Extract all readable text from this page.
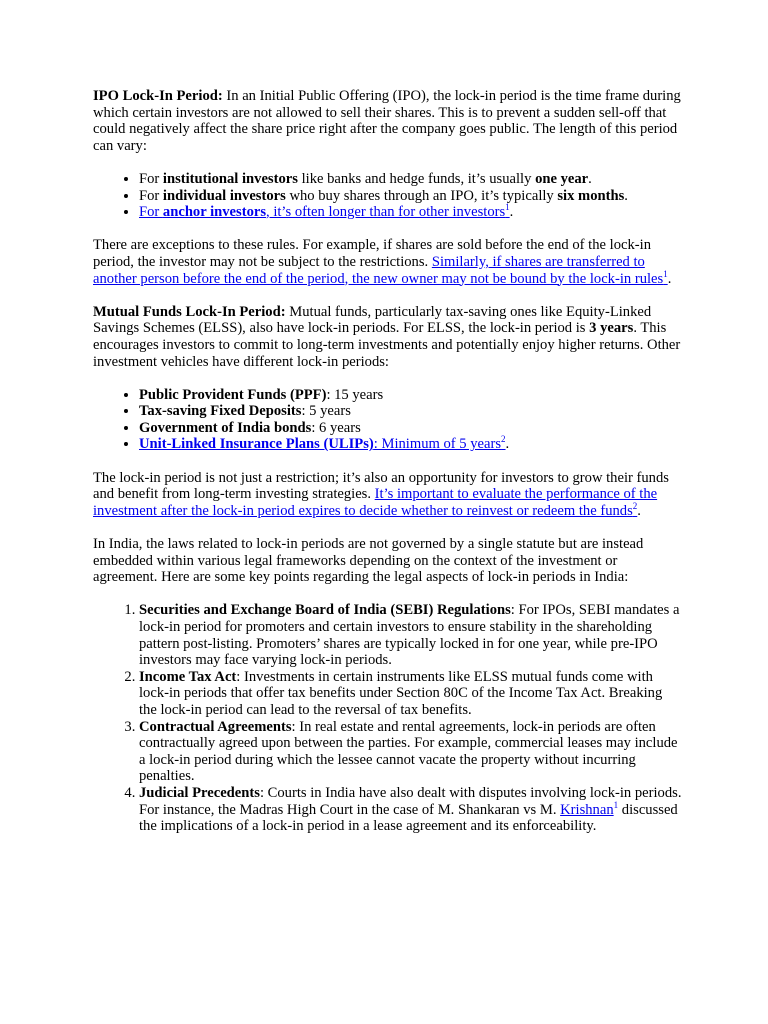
IPO Lock-In Period: In an Initial Public Offering (IPO), the lock-in period is the time frame during which certain investors are not allowed to sell their shares. This is to prevent a sudden sell-off that could negatively affect the share price right after the company goes public. The length of this period can vary:

• For institutional investors like banks and hedge funds, it’s usually one year.
• For individual investors who buy shares through an IPO, it’s typically six months.
• For anchor investors, it’s often longer than for other investors$^1$.

There are exceptions to these rules. For example, if shares are sold before the end of the lock-in period, the investor may not be subject to the restrictions. Similarly, if shares are transferred to another person before the end of the period, the new owner may not be bound by the lock-in rules$^1$.

Mutual Funds Lock-In Period: Mutual funds, particularly tax-saving ones like Equity-Linked Savings Schemes (ELSS), also have lock-in periods. For ELSS, the lock-in period is 3 years. This encourages investors to commit to long-term investments and potentially enjoy higher returns. Other investment vehicles have different lock-in periods:

• Public Provident Funds (PPF): 15 years
• Tax-saving Fixed Deposits: 5 years
• Government of India bonds: 6 years
• Unit-Linked Insurance Plans (ULIPs): Minimum of 5 years$^2$.

The lock-in period is not just a restriction; it’s also an opportunity for investors to grow their funds and benefit from long-term investing strategies. It’s important to evaluate the performance of the investment after the lock-in period expires to decide whether to reinvest or redeem the funds$^2$.

In India, the laws related to lock-in periods are not governed by a single statute but are instead embedded within various legal frameworks depending on the context of the investment or agreement. Here are some key points regarding the legal aspects of lock-in periods in India:

1. Securities and Exchange Board of India (SEBI) Regulations: For IPOs, SEBI mandates a lock-in period for promoters and certain investors to ensure stability in the shareholding pattern post-listing. Promoters’ shares are typically locked in for one year, while pre-IPO investors may face varying lock-in periods.
2. Income Tax Act: Investments in certain instruments like ELSS mutual funds come with lock-in periods that offer tax benefits under Section 80C of the Income Tax Act. Breaking the lock-in period can lead to the reversal of tax benefits.
3. Contractual Agreements: In real estate and rental agreements, lock-in periods are often contractually agreed upon between the parties. For example, commercial leases may include a lock-in period during which the lessee cannot vacate the property without incurring penalties.
4. Judicial Precedents: Courts in India have also dealt with disputes involving lock-in periods. For instance, the Madras High Court in the case of M. Shankaran vs M. Krishnan$^1$ discussed the implications of a lock-in period in a lease agreement and its enforceability.
